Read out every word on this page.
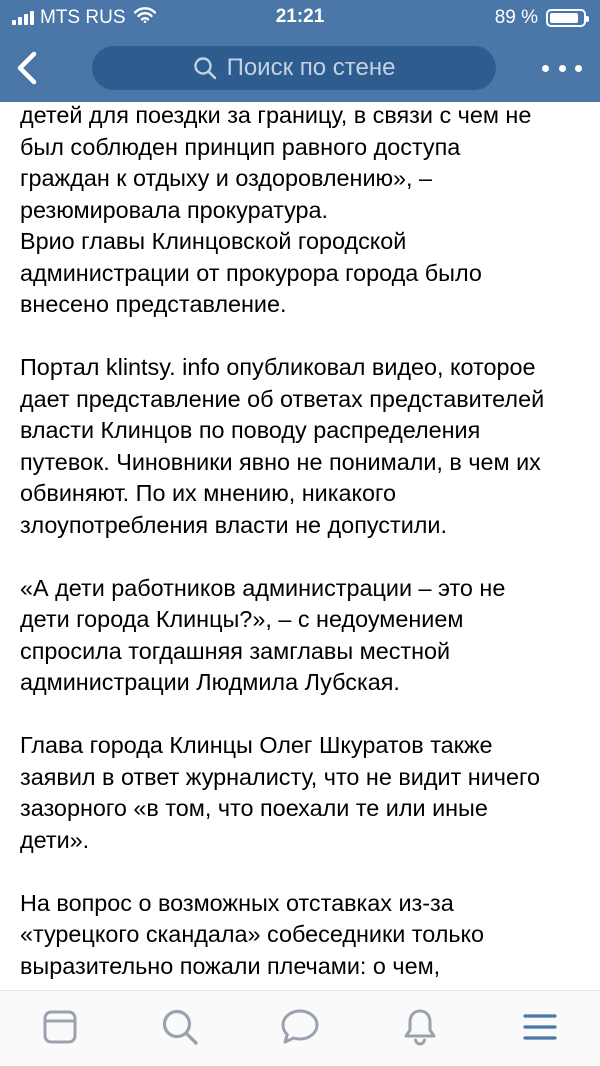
детей для поездки за границу, в связи с чем не
был соблюден принцип равного доступа
граждан к отдыху и оздоровлению», –
резюмировала прокуратура.
Врио главы Клинцовской городской
администрации от прокурора города было
внесено представление.

Портал klintsy. info опубликовал видео, которое
дает представление об ответах представителей
власти Клинцов по поводу распределения
путевок. Чиновники явно не понимали, в чем их
обвиняют. По их мнению, никакого
злоупотребления власти не допустили.

«А дети работников администрации – это не
дети города Клинцы?», – с недоумением
спросила тогдашняя замглавы местной
администрации Людмила Лубская.

Глава города Клинцы Олег Шкуратов также
заявил в ответ журналисту, что не видит ничего
зазорного «в том, что поехали те или иные
дети».

На вопрос о возможных отставках из-за
«турецкого скандала» собеседники только
выразительно пожали плечами: о чем,
MTS RUS	21:21	89 %
Поиск по стене
